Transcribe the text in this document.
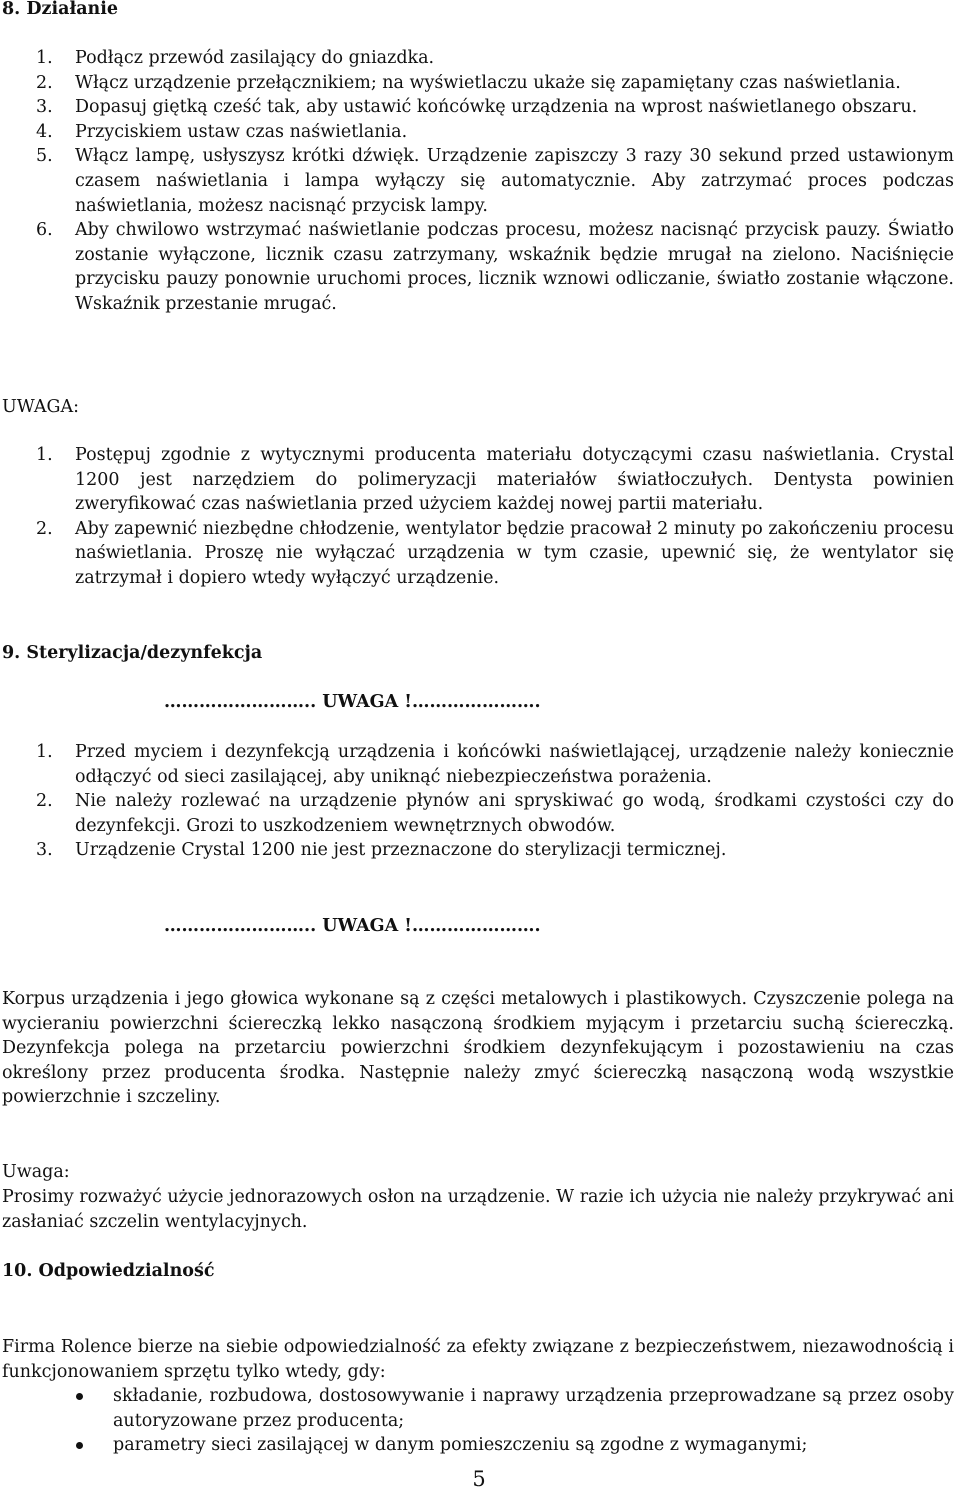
8. Działanie

1. Podłącz przewód zasilający do gniazdka.
2. Włącz urządzenie przełącznikiem; na wyświetlaczu ukaże się zapamiętany czas naświetlania.
3. Dopasuj giętką cześć tak, aby ustawić końcówkę urządzenia na wprost naświetlanego obszaru.
4. Przyciskiem ustaw czas naświetlania.
5. Włącz lampę, usłyszysz krótki dźwięk. Urządzenie zapiszczy 3 razy 30 sekund przed ustawionym czasem naświetlania i lampa wyłączy się automatycznie. Aby zatrzymać proces podczas naświetlania, możesz nacisnąć przycisk lampy.
6. Aby chwilowo wstrzymać naświetlanie podczas procesu, możesz nacisnąć przycisk pauzy. Światło zostanie wyłączone, licznik czasu zatrzymany, wskaźnik będzie mrugał na zielono. Naciśnięcie przycisku pauzy ponownie uruchomi proces, licznik wznowi odliczanie, światło zostanie włączone. Wskaźnik przestanie mrugać.

UWAGA:

1. Postępuj zgodnie z wytycznymi producenta materiału dotyczącymi czasu naświetlania. Crystal 1200 jest narzędziem do polimeryzacji materiałów światłoczułych. Dentysta powinien zweryfikować czas naświetlania przed użyciem każdej nowej partii materiału.
2. Aby zapewnić niezbędne chłodzenie, wentylator będzie pracował 2 minuty po zakończeniu procesu naświetlania. Proszę nie wyłączać urządzenia w tym czasie, upewnić się, że wentylator się zatrzymał i dopiero wtedy wyłączyć urządzenie.

9. Sterylizacja/dezynfekcja

…………………….. UWAGA !………………….

1. Przed myciem i dezynfekcją urządzenia i końcówki naświetlającej, urządzenie należy koniecznie odłączyć od sieci zasilającej, aby uniknąć niebezpieczeństwa porażenia.
2. Nie należy rozlewać na urządzenie płynów ani spryskiwać go wodą, środkami czystości czy do dezynfekcji. Grozi to uszkodzeniem wewnętrznych obwodów.
3. Urządzenie Crystal 1200 nie jest przeznaczone do sterylizacji termicznej.

…………………….. UWAGA !………………….

Korpus urządzenia i jego głowica wykonane są z części metalowych i plastikowych. Czyszczenie polega na wycieraniu powierzchni ściereczką lekko nasączoną środkiem myjącym i przetarciu suchą ściereczką. Dezynfekcja polega na przetarciu powierzchni środkiem dezynfekującym i pozostawieniu na czas określony przez producenta środka. Następnie należy zmyć ściereczką nasączoną wodą wszystkie powierzchnie i szczeliny.

Uwaga:

Prosimy rozważyć użycie jednorazowych osłon na urządzenie. W razie ich użycia nie należy przykrywać ani zasłaniać szczelin wentylacyjnych.

10. Odpowiedzialność

Firma Rolence bierze na siebie odpowiedzialność za efekty związane z bezpieczeństwem, niezawodnością i funkcjonowaniem sprzętu tylko wtedy, gdy:

składanie, rozbudowa, dostosowywanie i naprawy urządzenia przeprowadzane są przez osoby autoryzowane przez producenta;
parametry sieci zasilającej w danym pomieszczeniu są zgodne z wymaganymi;
5
